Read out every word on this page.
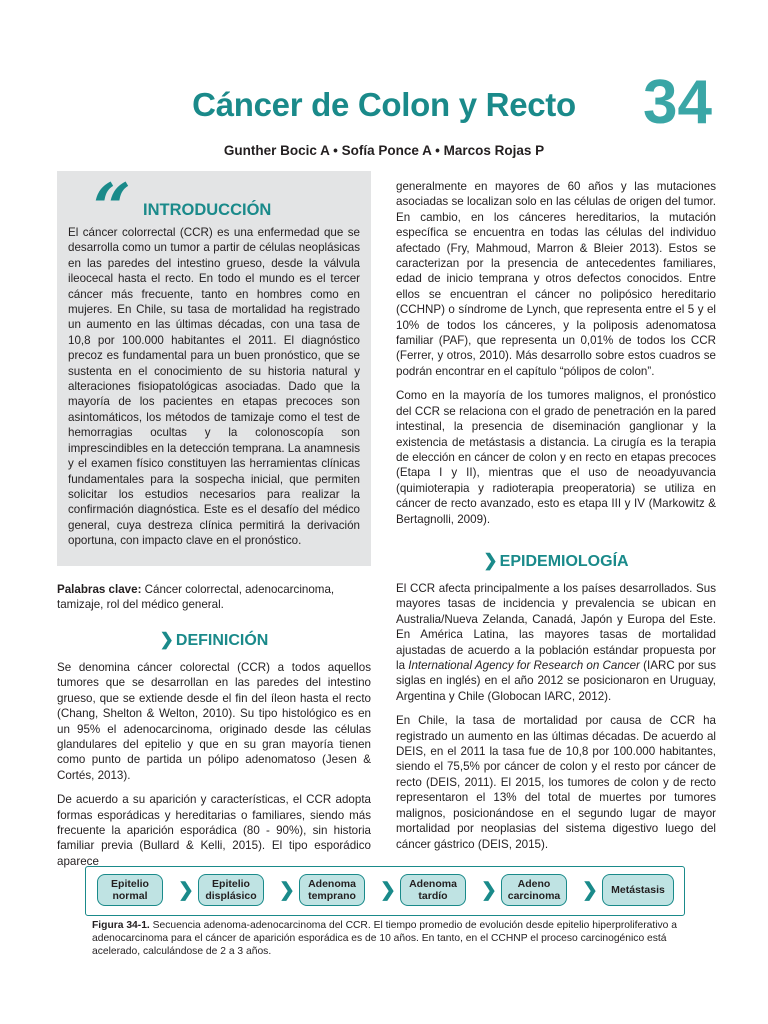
Cáncer de Colon y Recto	34
Gunther Bocic A • Sofía Ponce A • Marcos Rojas P
“ INTRODUCCIÓN

El cáncer colorrectal (CCR) es una enfermedad que se desarrolla como un tumor a partir de células neoplásicas en las paredes del intestino grueso, desde la válvula ileocecal hasta el recto. En todo el mundo es el tercer cáncer más frecuente, tanto en hombres como en mujeres. En Chile, su tasa de mortalidad ha registrado un aumento en las últimas décadas, con una tasa de 10,8 por 100.000 habitantes el 2011. El diagnóstico precoz es fundamental para un buen pronóstico, que se sustenta en el conocimiento de su historia natural y alteraciones fisiopatológicas asociadas. Dado que la mayoría de los pacientes en etapas precoces son asintomáticos, los métodos de tamizaje como el test de hemorragias ocultas y la colonoscopía son imprescindibles en la detección temprana. La anamnesis y el examen físico constituyen las herramientas clínicas fundamentales para la sospecha inicial, que permiten solicitar los estudios necesarios para realizar la confirmación diagnóstica. Este es el desafío del médico general, cuya destreza clínica permitirá la derivación oportuna, con impacto clave en el pronóstico.

Palabras clave: Cáncer colorrectal, adenocarcinoma, tamizaje, rol del médico general.

❯ DEFINICIÓN

Se denomina cáncer colorectal (CCR) a todos aquellos tumores que se desarrollan en las paredes del intestino grueso, que se extiende desde el fin del íleon hasta el recto (Chang, Shelton & Welton, 2010). Su tipo histológico es en un 95% el adenocarcinoma, originado desde las células glandulares del epitelio y que en su gran mayoría tienen como punto de partida un pólipo adenomatoso (Jesen & Cortés, 2013).

De acuerdo a su aparición y características, el CCR adopta formas esporádicas y hereditarias o familiares, siendo más frecuente la aparición esporádica (80 - 90%), sin historia familiar previa (Bullard & Kelli, 2015). El tipo esporádico aparece

generalmente en mayores de 60 años y las mutaciones asociadas se localizan solo en las células de origen del tumor. En cambio, en los cánceres hereditarios, la mutación específica se encuentra en todas las células del individuo afectado (Fry, Mahmoud, Marron & Bleier 2013). Estos se caracterizan por la presencia de antecedentes familiares, edad de inicio temprana y otros defectos conocidos. Entre ellos se encuentran el cáncer no polipósico hereditario (CCHNP) o síndrome de Lynch, que representa entre el 5 y el 10% de todos los cánceres, y la poliposis adenomatosa familiar (PAF), que representa un 0,01% de todos los CCR (Ferrer, y otros, 2010). Más desarrollo sobre estos cuadros se podrán encontrar en el capítulo “pólipos de colon”.

Como en la mayoría de los tumores malignos, el pronóstico del CCR se relaciona con el grado de penetración en la pared intestinal, la presencia de diseminación ganglionar y la existencia de metástasis a distancia. La cirugía es la terapia de elección en cáncer de colon y en recto en etapas precoces (Etapa I y II), mientras que el uso de neoadyuvancia (quimioterapia y radioterapia preoperatoria) se utiliza en cáncer de recto avanzado, esto es etapa III y IV (Markowitz & Bertagnolli, 2009).

❯ EPIDEMIOLOGÍA

El CCR afecta principalmente a los países desarrollados. Sus mayores tasas de incidencia y prevalencia se ubican en Australia/Nueva Zelanda, Canadá, Japón y Europa del Este. En América Latina, las mayores tasas de mortalidad ajustadas de acuerdo a la población estándar propuesta por la International Agency for Research on Cancer (IARC por sus siglas en inglés) en el año 2012 se posicionaron en Uruguay, Argentina y Chile (Globocan IARC, 2012).

En Chile, la tasa de mortalidad por causa de CCR ha registrado un aumento en las últimas décadas. De acuerdo al DEIS, en el 2011 la tasa fue de 10,8 por 100.000 habitantes, siendo el 75,5% por cáncer de colon y el resto por cáncer de recto (DEIS, 2011). El 2015, los tumores de colon y de recto representaron el 13% del total de muertes por tumores malignos, posicionándose en el segundo lugar de mayor mortalidad por neoplasias del sistema digestivo luego del cáncer gástrico (DEIS, 2015).

Epitelio normal	❯	Epitelio displásico	❯	Adenoma temprano	❯	Adenoma tardío	❯	Adeno carcinoma	❯	Metástasis

Figura 34-1. Secuencia adenoma-adenocarcinoma del CCR. El tiempo promedio de evolución desde epitelio hiperproliferativo a adenocarcinoma para el cáncer de aparición esporádica es de 10 años. En tanto, en el CCHNP el proceso carcinogénico está acelerado, calculándose de 2 a 3 años.
